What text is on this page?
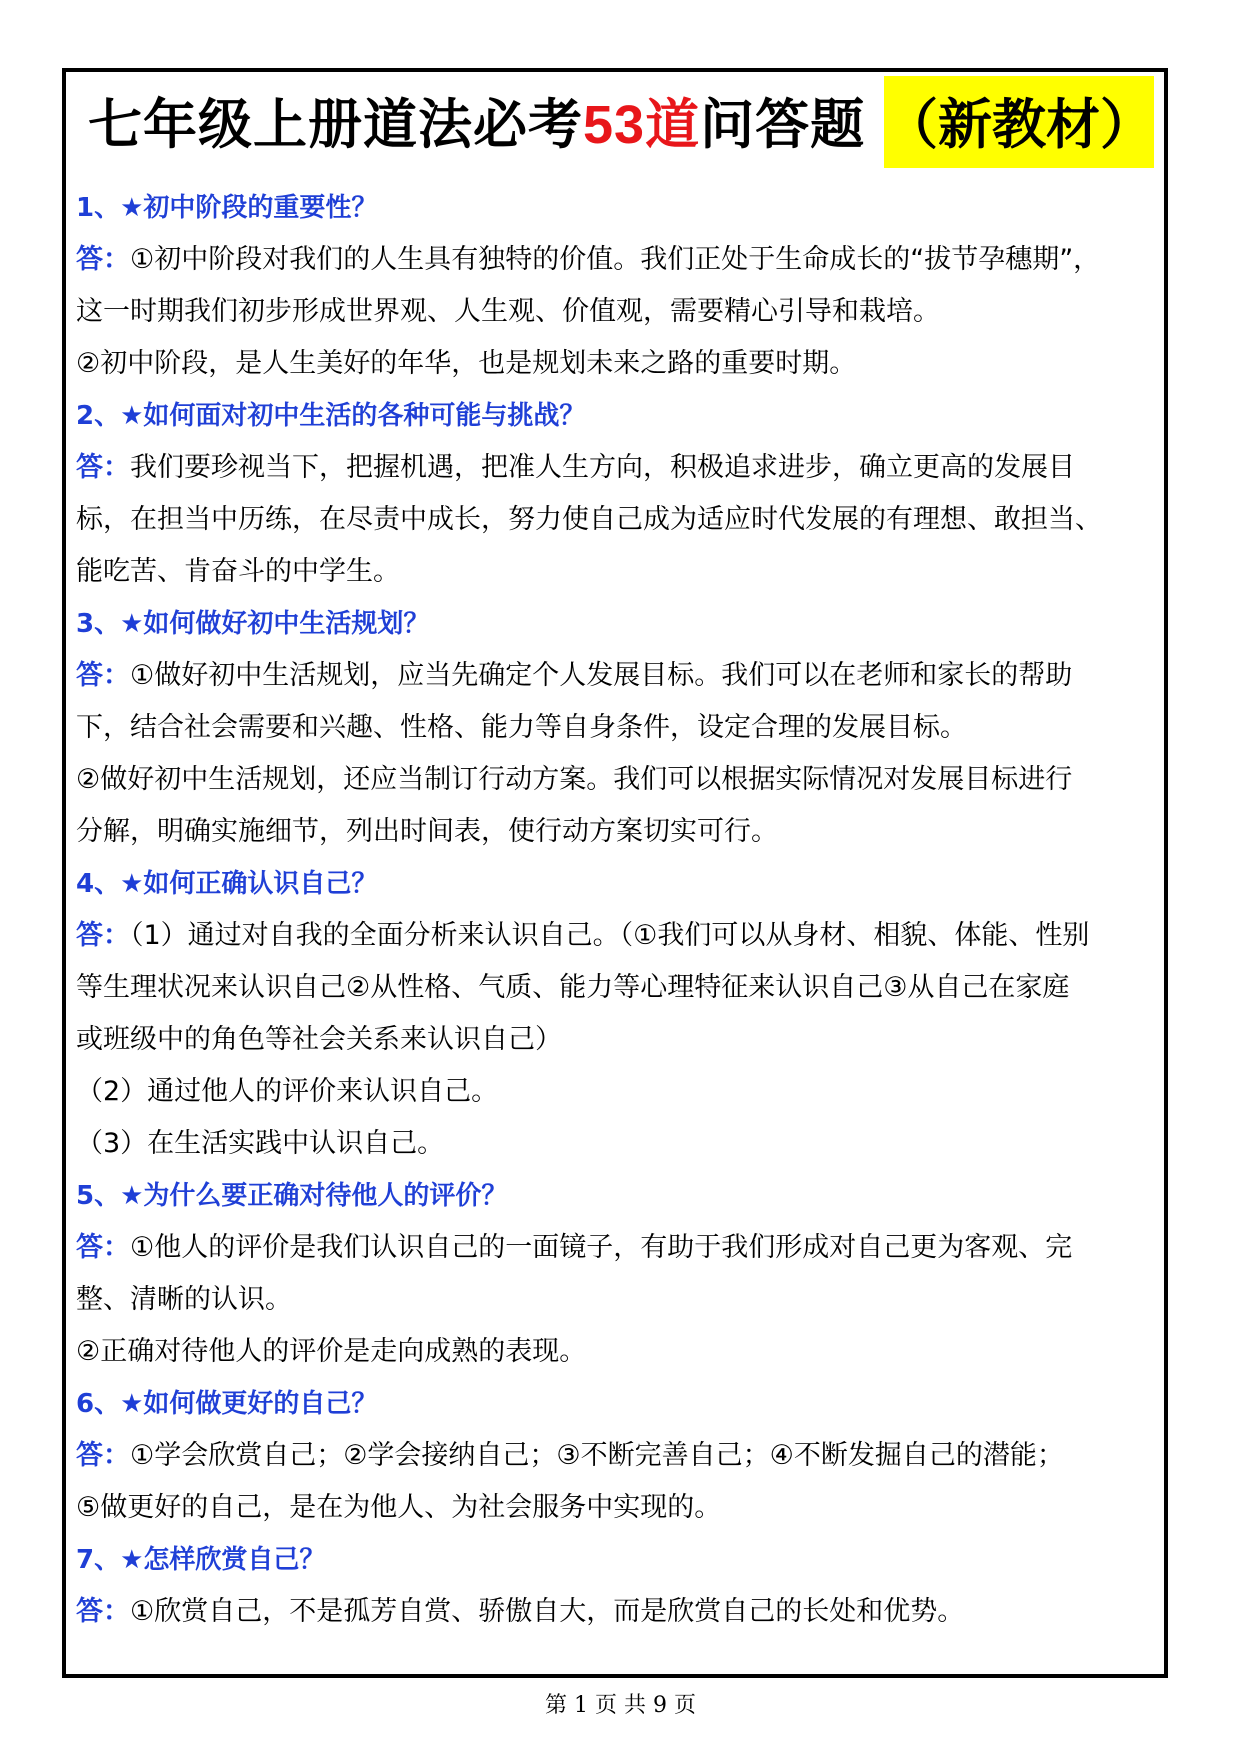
七年级上册道法必考53道问答题 （新教材）
1、★初中阶段的重要性？
答：①初中阶段对我们的人生具有独特的价值。我们正处于生命成长的“拔节孕穗期”，
这一时期我们初步形成世界观、人生观、价值观，需要精心引导和栽培。
②初中阶段，是人生美好的年华，也是规划未来之路的重要时期。
2、★如何面对初中生活的各种可能与挑战？
答：我们要珍视当下，把握机遇，把准人生方向，积极追求进步，确立更高的发展目
标，在担当中历练，在尽责中成长，努力使自己成为适应时代发展的有理想、敢担当、
能吃苦、肯奋斗的中学生。
3、★如何做好初中生活规划？
答：①做好初中生活规划，应当先确定个人发展目标。我们可以在老师和家长的帮助
下，结合社会需要和兴趣、性格、能力等自身条件，设定合理的发展目标。
②做好初中生活规划，还应当制订行动方案。我们可以根据实际情况对发展目标进行
分解，明确实施细节，列出时间表，使行动方案切实可行。
4、★如何正确认识自己？
答：（1）通过对自我的全面分析来认识自己。（①我们可以从身材、相貌、体能、性别
等生理状况来认识自己②从性格、气质、能力等心理特征来认识自己③从自己在家庭
或班级中的角色等社会关系来认识自己）
（2）通过他人的评价来认识自己。
（3）在生活实践中认识自己。
5、★为什么要正确对待他人的评价？
答：①他人的评价是我们认识自己的一面镜子，有助于我们形成对自己更为客观、完
整、清晰的认识。
②正确对待他人的评价是走向成熟的表现。
6、★如何做更好的自己？
答：①学会欣赏自己；②学会接纳自己；③不断完善自己；④不断发掘自己的潜能；
⑤做更好的自己，是在为他人、为社会服务中实现的。
7、★怎样欣赏自己？
答：①欣赏自己，不是孤芳自赏、骄傲自大，而是欣赏自己的长处和优势。
第 1 页 共 9 页
